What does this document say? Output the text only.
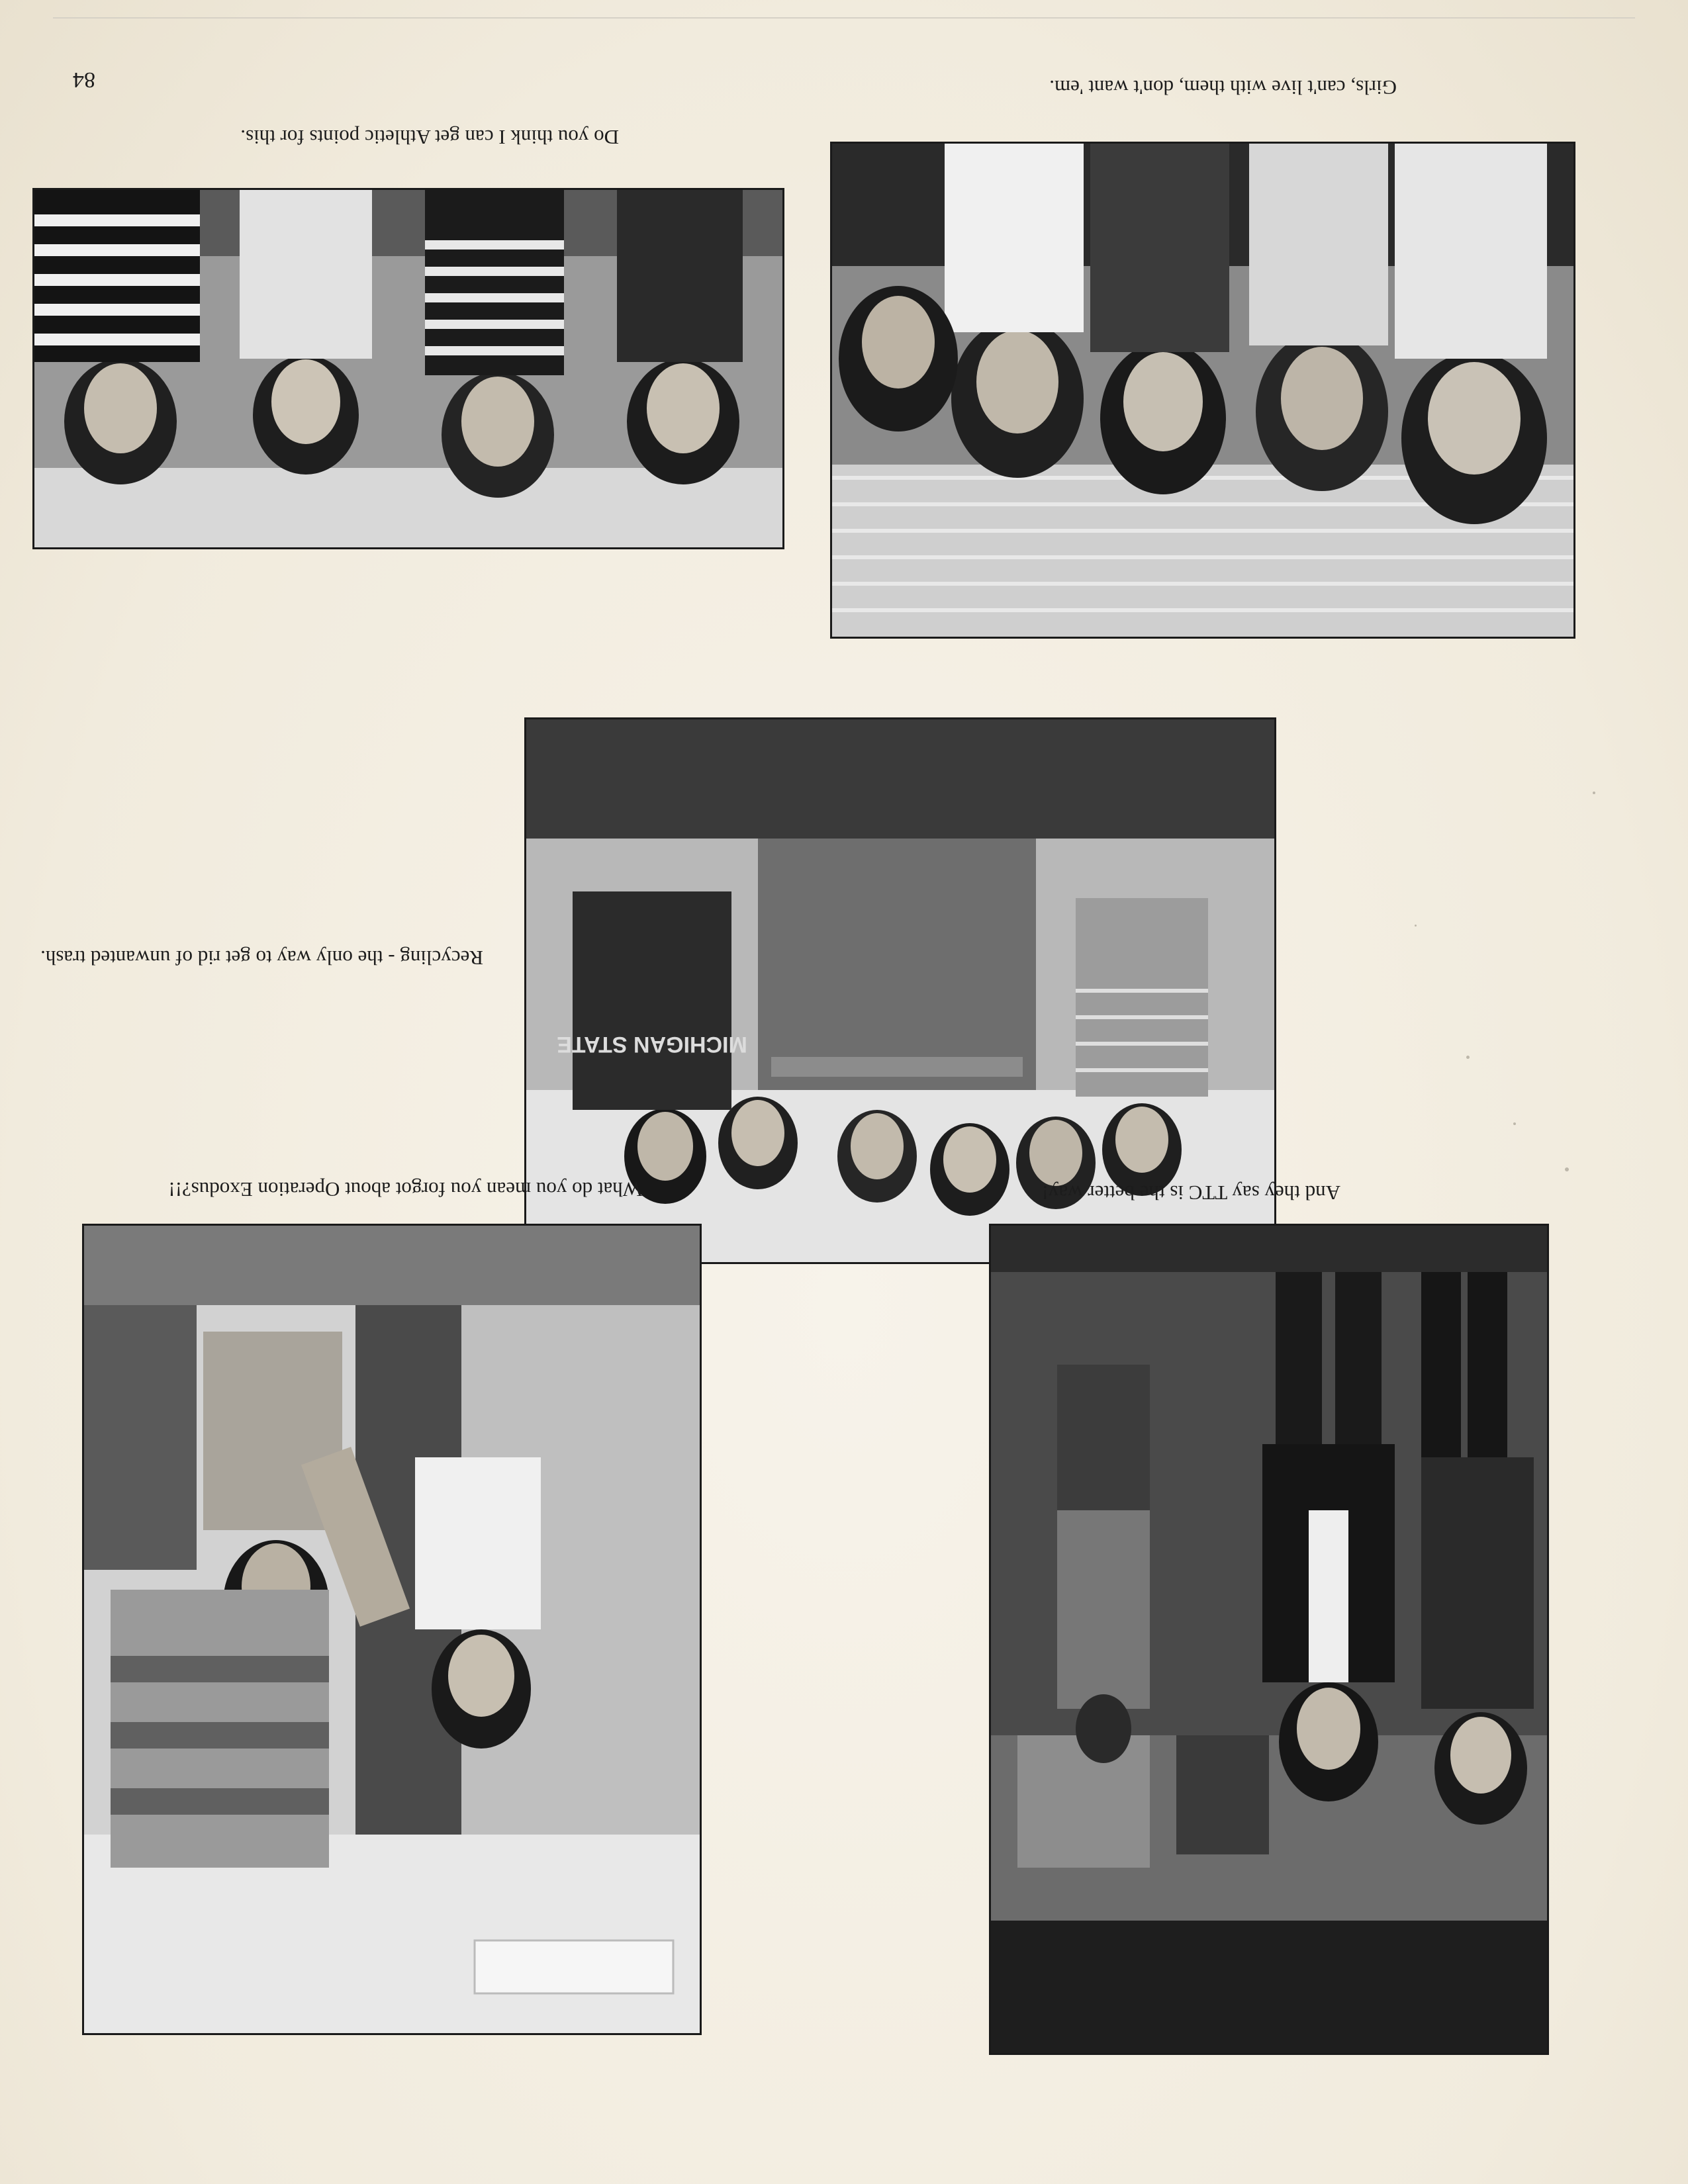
84	Girls, can't live with them, don't want 'em.
Do you think I can get Athletic points for this.
MICHIGAN STATE
Recycling - the only way to get rid of unwanted trash.
And they say TTC is the better way!
What do you mean you forgot about Operation Exodus?!!
